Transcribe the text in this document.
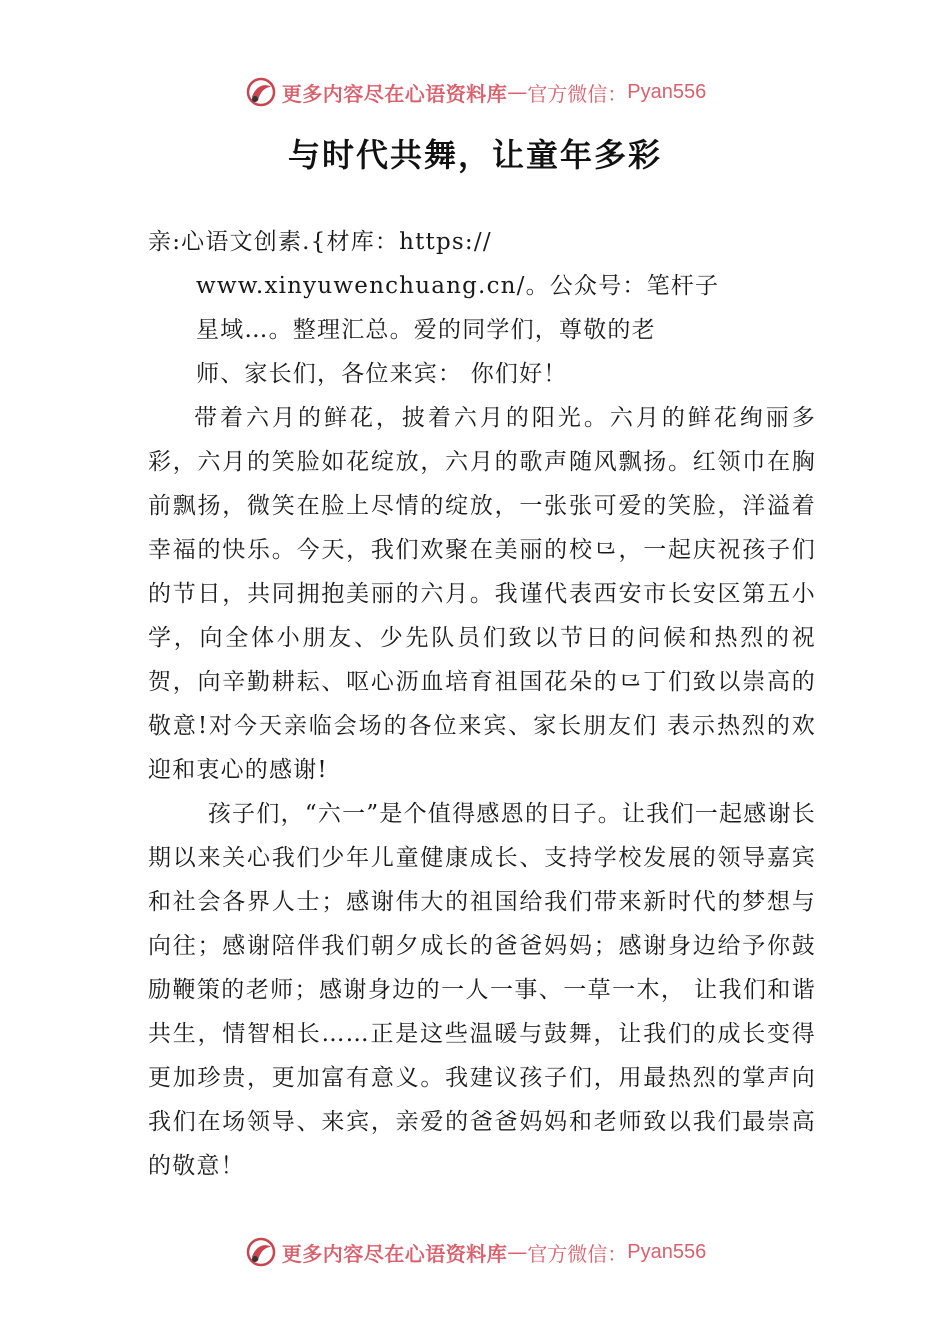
更多内容尽在心语资料库 — 官方微信： Pyan556
与时代共舞，让童年多彩

亲:心语文创素.{材库：https://
www.xinyuwenchuang.cn/。公众号：笔杆子
星域…。整理汇总。爱的同学们，尊敬的老
师、家长们，各位来宾： 你们好！

带着六月的鲜花，披着六月的阳光。六月的鲜花绚丽多彩，六月的笑脸如花绽放，六月的歌声随风飘扬。红领巾在胸前飘扬，微笑在脸上尽情的绽放，一张张可爱的笑脸，洋溢着幸福的快乐。今天，我们欢聚在美丽的校⺋，一起庆祝孩子们的节日，共同拥抱美丽的六月。我谨代表西安市长安区第五小学，向全体小朋友、少先队员们致以节日的问候和热烈的祝贺，向辛勤耕耘、呕心沥血培育祖国花朵的⺋丁们致以崇高的敬意!对今天亲临会场的各位来宾、家长朋友们 表示热烈的欢迎和衷心的感谢!

孩子们，“六一”是个值得感恩的日子。让我们一起感谢长期以来关心我们少年儿童健康成长、支持学校发展的领导嘉宾和社会各界人士；感谢伟大的祖国给我们带来新时代的梦想与向往；感谢陪伴我们朝夕成长的爸爸妈妈；感谢身边给予你鼓励鞭策的老师；感谢身边的一人一事、一草一木， 让我们和谐共生，情智相长……正是这些温暖与鼓舞，让我们的成长变得更加珍贵，更加富有意义。我建议孩子们，用最热烈的掌声向我们在场领导、来宾，亲爱的爸爸妈妈和老师致以我们最崇高的敬意！

更多内容尽在心语资料库 — 官方微信： Pyan556
